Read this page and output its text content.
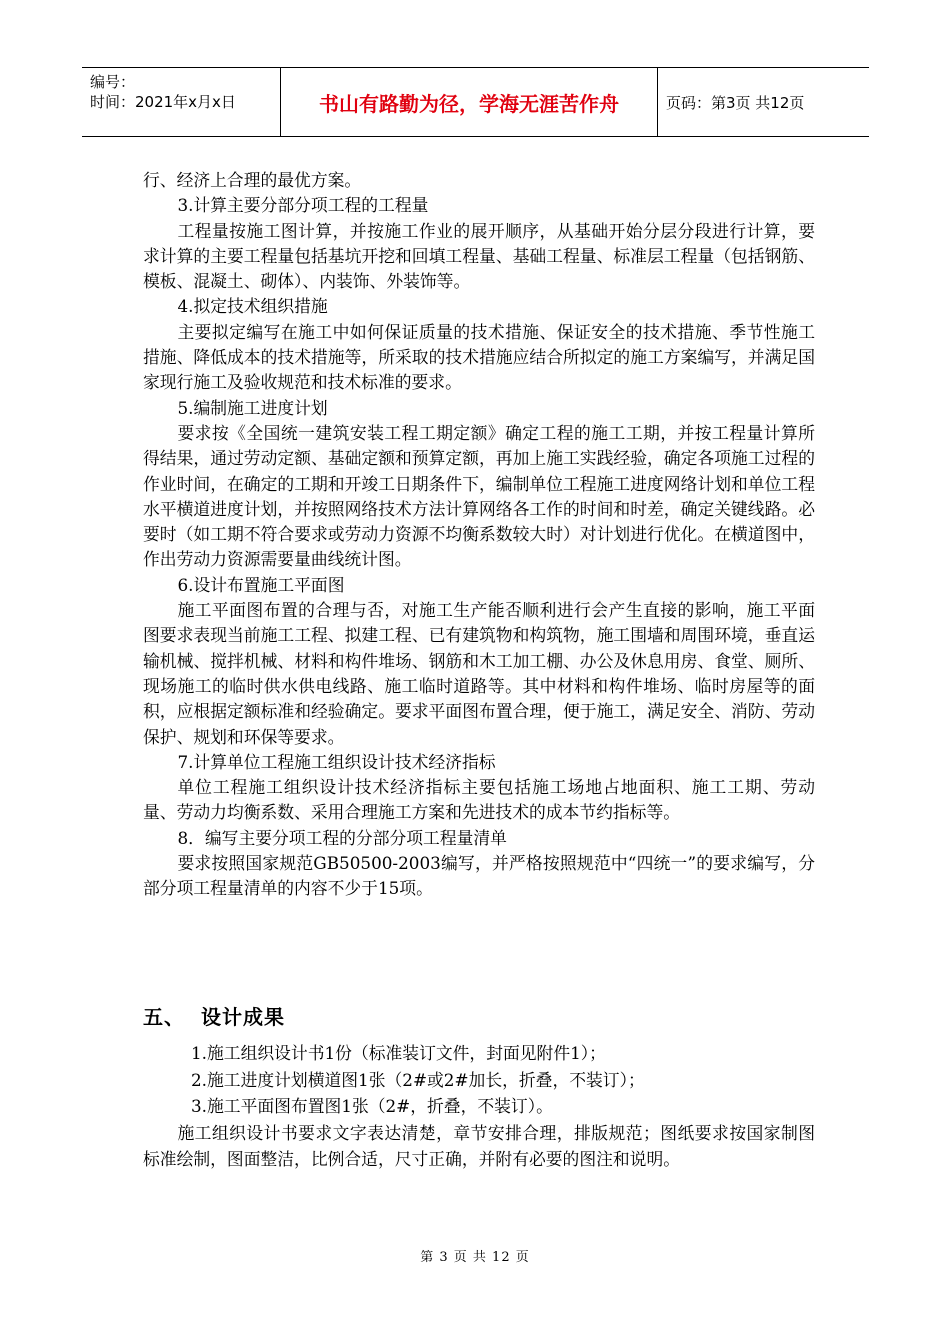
编号：
时间：2021年x月x日	书山有路勤为径，学海无涯苦作舟	页码：第3页 共12页

行、经济上合理的最优方案。

3.计算主要分部分项工程的工程量

工程量按施工图计算，并按施工作业的展开顺序，从基础开始分层分段进行计算，要求计算的主要工程量包括基坑开挖和回填工程量、基础工程量、标准层工程量（包括钢筋、模板、混凝土、砌体）、内装饰、外装饰等。

4.拟定技术组织措施

主要拟定编写在施工中如何保证质量的技术措施、保证安全的技术措施、季节性施工措施、降低成本的技术措施等，所采取的技术措施应结合所拟定的施工方案编写，并满足国家现行施工及验收规范和技术标准的要求。

5.编制施工进度计划

要求按《全国统一建筑安装工程工期定额》确定工程的施工工期，并按工程量计算所得结果，通过劳动定额、基础定额和预算定额，再加上施工实践经验，确定各项施工过程的作业时间，在确定的工期和开竣工日期条件下，编制单位工程施工进度网络计划和单位工程水平横道进度计划，并按照网络技术方法计算网络各工作的时间和时差，确定关键线路。必要时（如工期不符合要求或劳动力资源不均衡系数较大时）对计划进行优化。在横道图中，作出劳动力资源需要量曲线统计图。

6.设计布置施工平面图

施工平面图布置的合理与否，对施工生产能否顺利进行会产生直接的影响，施工平面图要求表现当前施工工程、拟建工程、已有建筑物和构筑物，施工围墙和周围环境，垂直运输机械、搅拌机械、材料和构件堆场、钢筋和木工加工棚、办公及休息用房、食堂、厕所、现场施工的临时供水供电线路、施工临时道路等。其中材料和构件堆场、临时房屋等的面积，应根据定额标准和经验确定。要求平面图布置合理，便于施工，满足安全、消防、劳动保护、规划和环保等要求。

7.计算单位工程施工组织设计技术经济指标

单位工程施工组织设计技术经济指标主要包括施工场地占地面积、施工工期、劳动量、劳动力均衡系数、采用合理施工方案和先进技术的成本节约指标等。

8．编写主要分项工程的分部分项工程量清单

要求按照国家规范GB50500-2003编写，并严格按照规范中“四统一”的要求编写，分部分项工程量清单的内容不少于15项。

五、 设计成果

1.施工组织设计书1份（标准装订文件，封面见附件1）；

2.施工进度计划横道图1张（2#或2#加长，折叠，不装订）；

3.施工平面图布置图1张（2#，折叠，不装订）。

施工组织设计书要求文字表达清楚，章节安排合理，排版规范；图纸要求按国家制图标准绘制，图面整洁，比例合适，尺寸正确，并附有必要的图注和说明。

第 3 页 共 12 页
